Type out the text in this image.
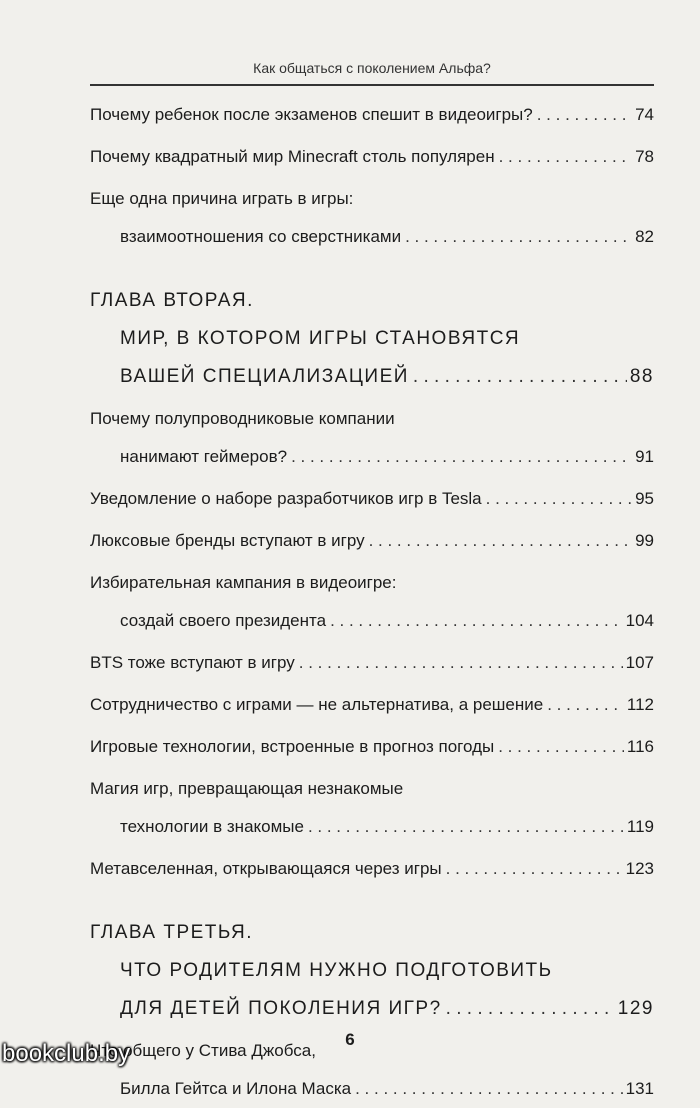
Как общаться с поколением Альфа?
Почему ребенок после экзаменов спешит в видеоигры? . . .	74
Почему квадратный мир Minecraft столь популярен . . .	78
Еще одна причина играть в игры:
взаимоотношения со сверстниками . . .	82
ГЛАВА ВТОРАЯ.
МИР, В КОТОРОМ ИГРЫ СТАНОВЯТСЯ
ВАШЕЙ СПЕЦИАЛИЗАЦИЕЙ . . .	88
Почему полупроводниковые компании
нанимают геймеров? . . .	91
Уведомление о наборе разработчиков игр в Tesla . . .	95
Люксовые бренды вступают в игру . . .	99
Избирательная кампания в видеоигре:
создай своего президента . . .	104
BTS тоже вступают в игру . . .	107
Сотрудничество с играми — не альтернатива, а решение . . .	112
Игровые технологии, встроенные в прогноз погоды . . .	116
Магия игр, превращающая незнакомые
технологии в знакомые . . .	119
Метавселенная, открывающаяся через игры . . .	123
ГЛАВА ТРЕТЬЯ.
ЧТО РОДИТЕЛЯМ НУЖНО ПОДГОТОВИТЬ
ДЛЯ ДЕТЕЙ ПОКОЛЕНИЯ ИГР? . . .	129
Что общего у Стива Джобса,
Билла Гейтса и Илона Маска . . .	131
6
bookclub.by
